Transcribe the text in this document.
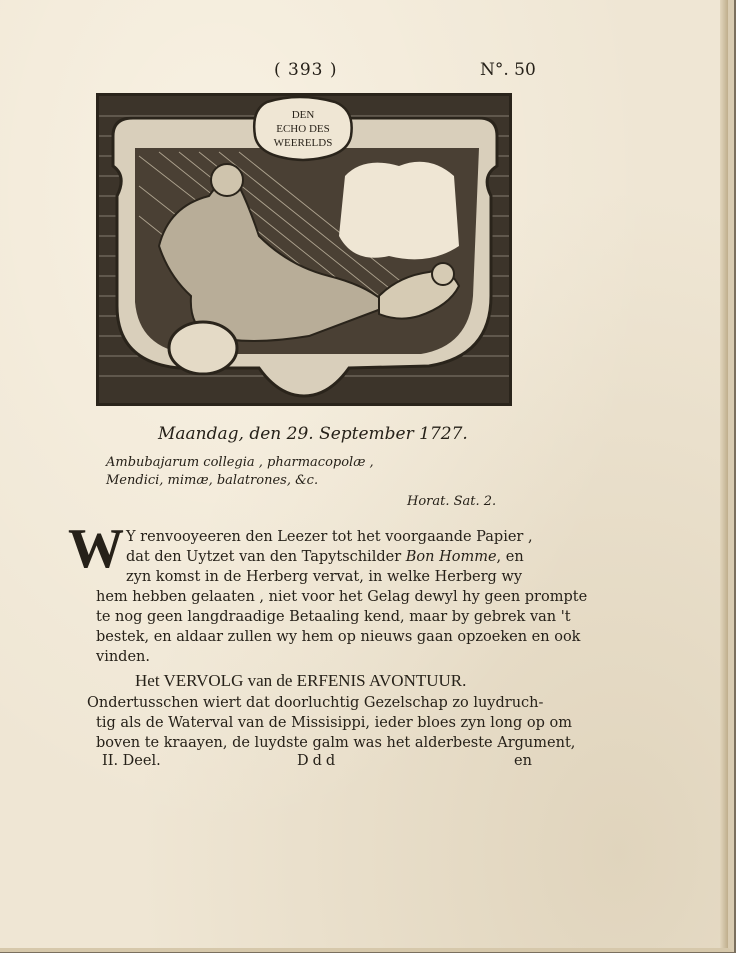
( 393 )	N°. 50
DEN
ECHO DES
WEERELDS
Maandag, den 29. September 1727.
Ambubajarum collegia , pharmacopolæ ,
Mendici, mimæ, balatrones, &c.
Horat. Sat. 2.
W Y renvooyeeren den Leezer tot het voorgaande Papier ,
dat den Uytzet van den Tapytschilder Bon Homme, en
zyn komst in de Herberg vervat, in welke Herberg wy
hem hebben gelaaten , niet voor het Gelag dewyl hy geen prompte
te nog geen langdraadige Betaaling kend, maar by gebrek van 't
bestek, en aldaar zullen wy hem op nieuws gaan opzoeken en ook
vinden.
Het VERVOLG van de ERFENIS AVONTUUR.
Ondertusschen wiert dat doorluchtig Gezelschap zo luydruch-
tig als de Waterval van de Missisippi, ieder bloes zyn long op om
boven te kraayen, de luydste galm was het alderbeste Argument,
II. Deel.	Ddd	en
